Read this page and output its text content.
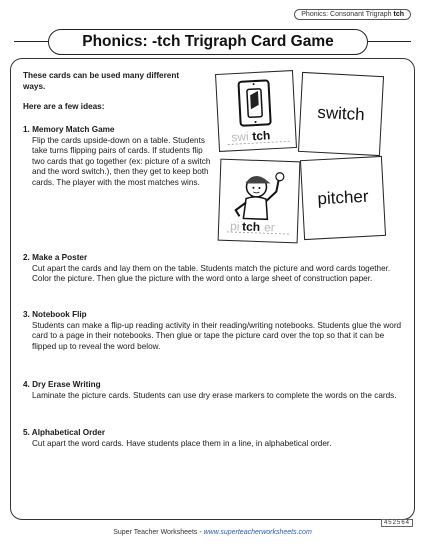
Phonics: Consonant Trigraph tch
Phonics: -tch Trigraph Card Game
These cards can be used many different ways.
Here are a few ideas:
1. Memory Match Game
Flip the cards upside-down on a table. Students take turns flipping pairs of cards. If students flip two cards that go together (ex: picture of a switch and the word switch.), then they get to keep both cards. The player with the most matches wins.
2. Make a Poster
Cut apart the cards and lay them on the table. Students match the picture and word cards together. Color the picture. Then glue the picture with the word onto a large sheet of construction paper.
3. Notebook Flip
Students can make a flip-up reading activity in their reading/writing notebooks. Students glue the word card to a page in their notebooks. Then glue or tape the picture card over the top so that it can be flipped up to reveal the word below.
4. Dry Erase Writing
Laminate the picture cards. Students can use dry erase markers to complete the words on the cards.
5. Alphabetical Order
Cut apart the word cards. Have students place them in a line, in alphabetical order.
swi tch
switch
pi tch er
pitcher
452564
Super Teacher Worksheets - www.superteacherworksheets.com
